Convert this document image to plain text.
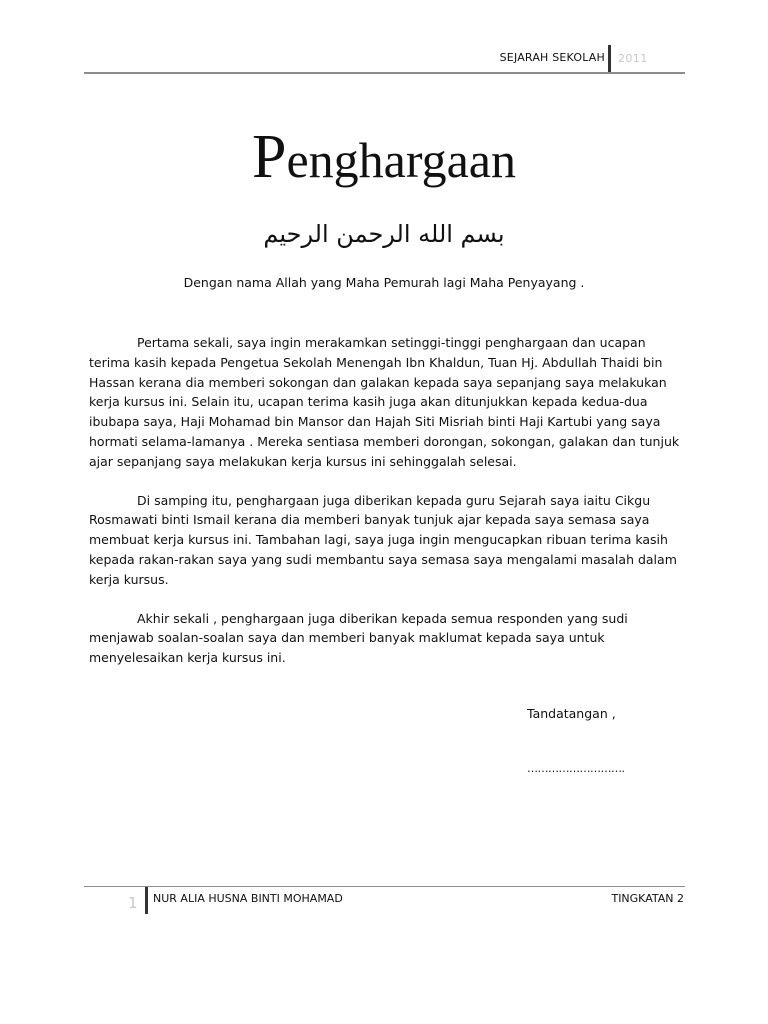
SEJARAH SEKOLAH 2011
Penghargaan
بسم الله الرحمن الرحيم
Dengan nama Allah yang Maha Pemurah lagi Maha Penyayang .

Pertama sekali, saya ingin merakamkan setinggi-tinggi penghargaan dan ucapan terima kasih kepada Pengetua Sekolah Menengah Ibn Khaldun, Tuan Hj. Abdullah Thaidi bin Hassan kerana dia memberi sokongan dan galakan kepada saya sepanjang saya melakukan kerja kursus ini. Selain itu, ucapan terima kasih juga akan ditunjukkan kepada kedua-dua ibubapa saya, Haji Mohamad bin Mansor dan Hajah Siti Misriah binti Haji Kartubi yang saya hormati selama-lamanya . Mereka sentiasa memberi dorongan, sokongan, galakan dan tunjuk ajar sepanjang saya melakukan kerja kursus ini sehinggalah selesai.

Di samping itu, penghargaan juga diberikan kepada guru Sejarah saya iaitu Cikgu Rosmawati binti Ismail kerana dia memberi banyak tunjuk ajar kepada saya semasa saya membuat kerja kursus ini. Tambahan lagi, saya juga ingin mengucapkan ribuan terima kasih kepada rakan-rakan saya yang sudi membantu saya semasa saya mengalami masalah dalam kerja kursus.

Akhir sekali , penghargaan juga diberikan kepada semua responden yang sudi menjawab soalan-soalan saya dan memberi banyak maklumat kepada saya untuk menyelesaikan kerja kursus ini.

Tandatangan ,
……………………….
1 NUR ALIA HUSNA BINTI MOHAMAD	TINGKATAN 2
